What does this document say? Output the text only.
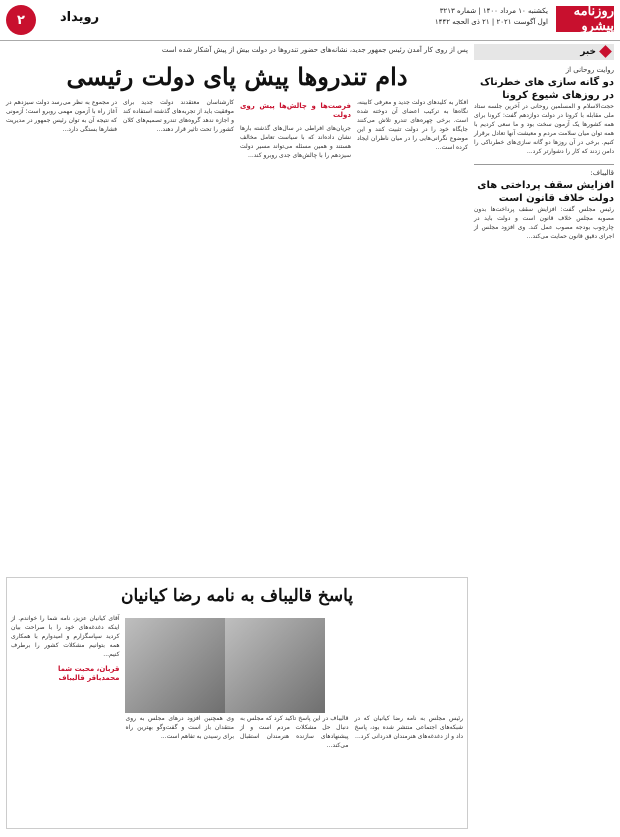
روزنامه پیشرو
یکشنبه ۱۰ مرداد ۱۴۰۰ | شماره ۳۲۱۳
اول آگوست ۲۰۲۱ | ۲۱ ذی الحجه ۱۴۴۲
رویداد
۲
خبر
روایت روحانی از
دو گانه سازی های خطرناک در روزهای شیوع کرونا
حجت‌الاسلام و المسلمین روحانی در آخرین جلسه ستاد ملی مقابله با کرونا در دولت دوازدهم گفت: کرونا برای همه کشورها یک آزمون سخت بود و ما سعی کردیم با همه توان میان سلامت مردم و معیشت آنها تعادل برقرار کنیم. برخی در آن روزها دو گانه سازی‌های خطرناکی را دامن زدند که کار را دشوارتر کرد...
قالیباف:
افزایش سقف پرداختی های دولت خلاف قانون است
رئیس مجلس گفت: افزایش سقف پرداخت‌ها بدون مصوبه مجلس خلاف قانون است و دولت باید در چارچوب بودجه مصوب عمل کند. وی افزود مجلس از اجرای دقیق قانون حمایت می‌کند...
پس از روی کار آمدن رئیس جمهور جدید، نشانه‌های حضور تندروها در دولت بیش از پیش آشکار شده است
دام تندروها پیش پای دولت رئیسی
افکار به کلیدهای دولت جدید و معرفی کابینه، نگاه‌ها به ترکیب اعضای آن دوخته شده است. برخی چهره‌های تندرو تلاش می‌کنند جایگاه خود را در دولت تثبیت کنند و این موضوع نگرانی‌هایی را در میان ناظران ایجاد کرده است...
فرصت‌ها و چالش‌ها پیش روی دولت
جریان‌های افراطی در سال‌های گذشته بارها نشان داده‌اند که با سیاست تعامل مخالف هستند و همین مسئله می‌تواند مسیر دولت سیزدهم را با چالش‌های جدی روبرو کند...
کارشناسان معتقدند دولت جدید برای موفقیت باید از تجربه‌های گذشته استفاده کند و اجازه ندهد گروه‌های تندرو تصمیم‌های کلان کشور را تحت تاثیر قرار دهند...
در مجموع به نظر می‌رسد دولت سیزدهم در آغاز راه با آزمون مهمی روبرو است؛ آزمونی که نتیجه آن به توان رئیس جمهور در مدیریت فشارها بستگی دارد...
پاسخ قالیباف به نامه رضا کیانیان
رئیس مجلس به نامه رضا کیانیان که در شبکه‌های اجتماعی منتشر شده بود، پاسخ داد و از دغدغه‌های هنرمندان قدردانی کرد...
قالیباف در این پاسخ تاکید کرد که مجلس به دنبال حل مشکلات مردم است و از پیشنهادهای سازنده هنرمندان استقبال می‌کند...
وی همچنین افزود درهای مجلس به روی منتقدان باز است و گفت‌وگو بهترین راه برای رسیدن به تفاهم است...
آقای کیانیان عزیز، نامه شما را خواندم. از اینکه دغدغه‌های خود را با صراحت بیان کردید سپاسگزارم و امیدوارم با همکاری همه بتوانیم مشکلات کشور را برطرف کنیم...
قربان، محبت شما
محمدباقر قالیباف
